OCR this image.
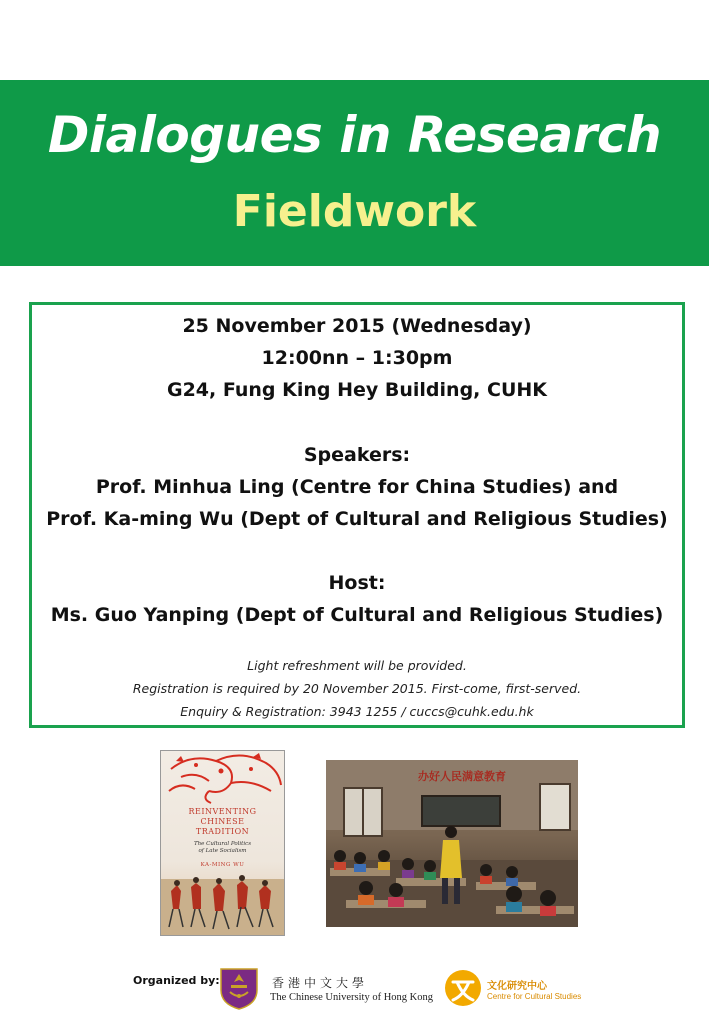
Dialogues in Research
Fieldwork
25 November 2015 (Wednesday)
12:00nn – 1:30pm
G24, Fung King Hey Building, CUHK
Speakers:
Prof. Minhua Ling (Centre for China Studies) and
Prof. Ka-ming Wu (Dept of Cultural and Religious Studies)
Host:
Ms. Guo Yanping (Dept of Cultural and Religious Studies)
Light refreshment will be provided.
Registration is required by 20 November 2015. First-come, first-served.
Enquiry & Registration: 3943 1255 / cuccs@cuhk.edu.hk
REINVENTING
CHINESE
TRADITION
The Cultural Politics
of Late Socialism
KA-MING WU
办好人民满意教育
Organized by:	香港中文大學
The Chinese University of Hong Kong
文化研究中心
Centre for Cultural Studies
